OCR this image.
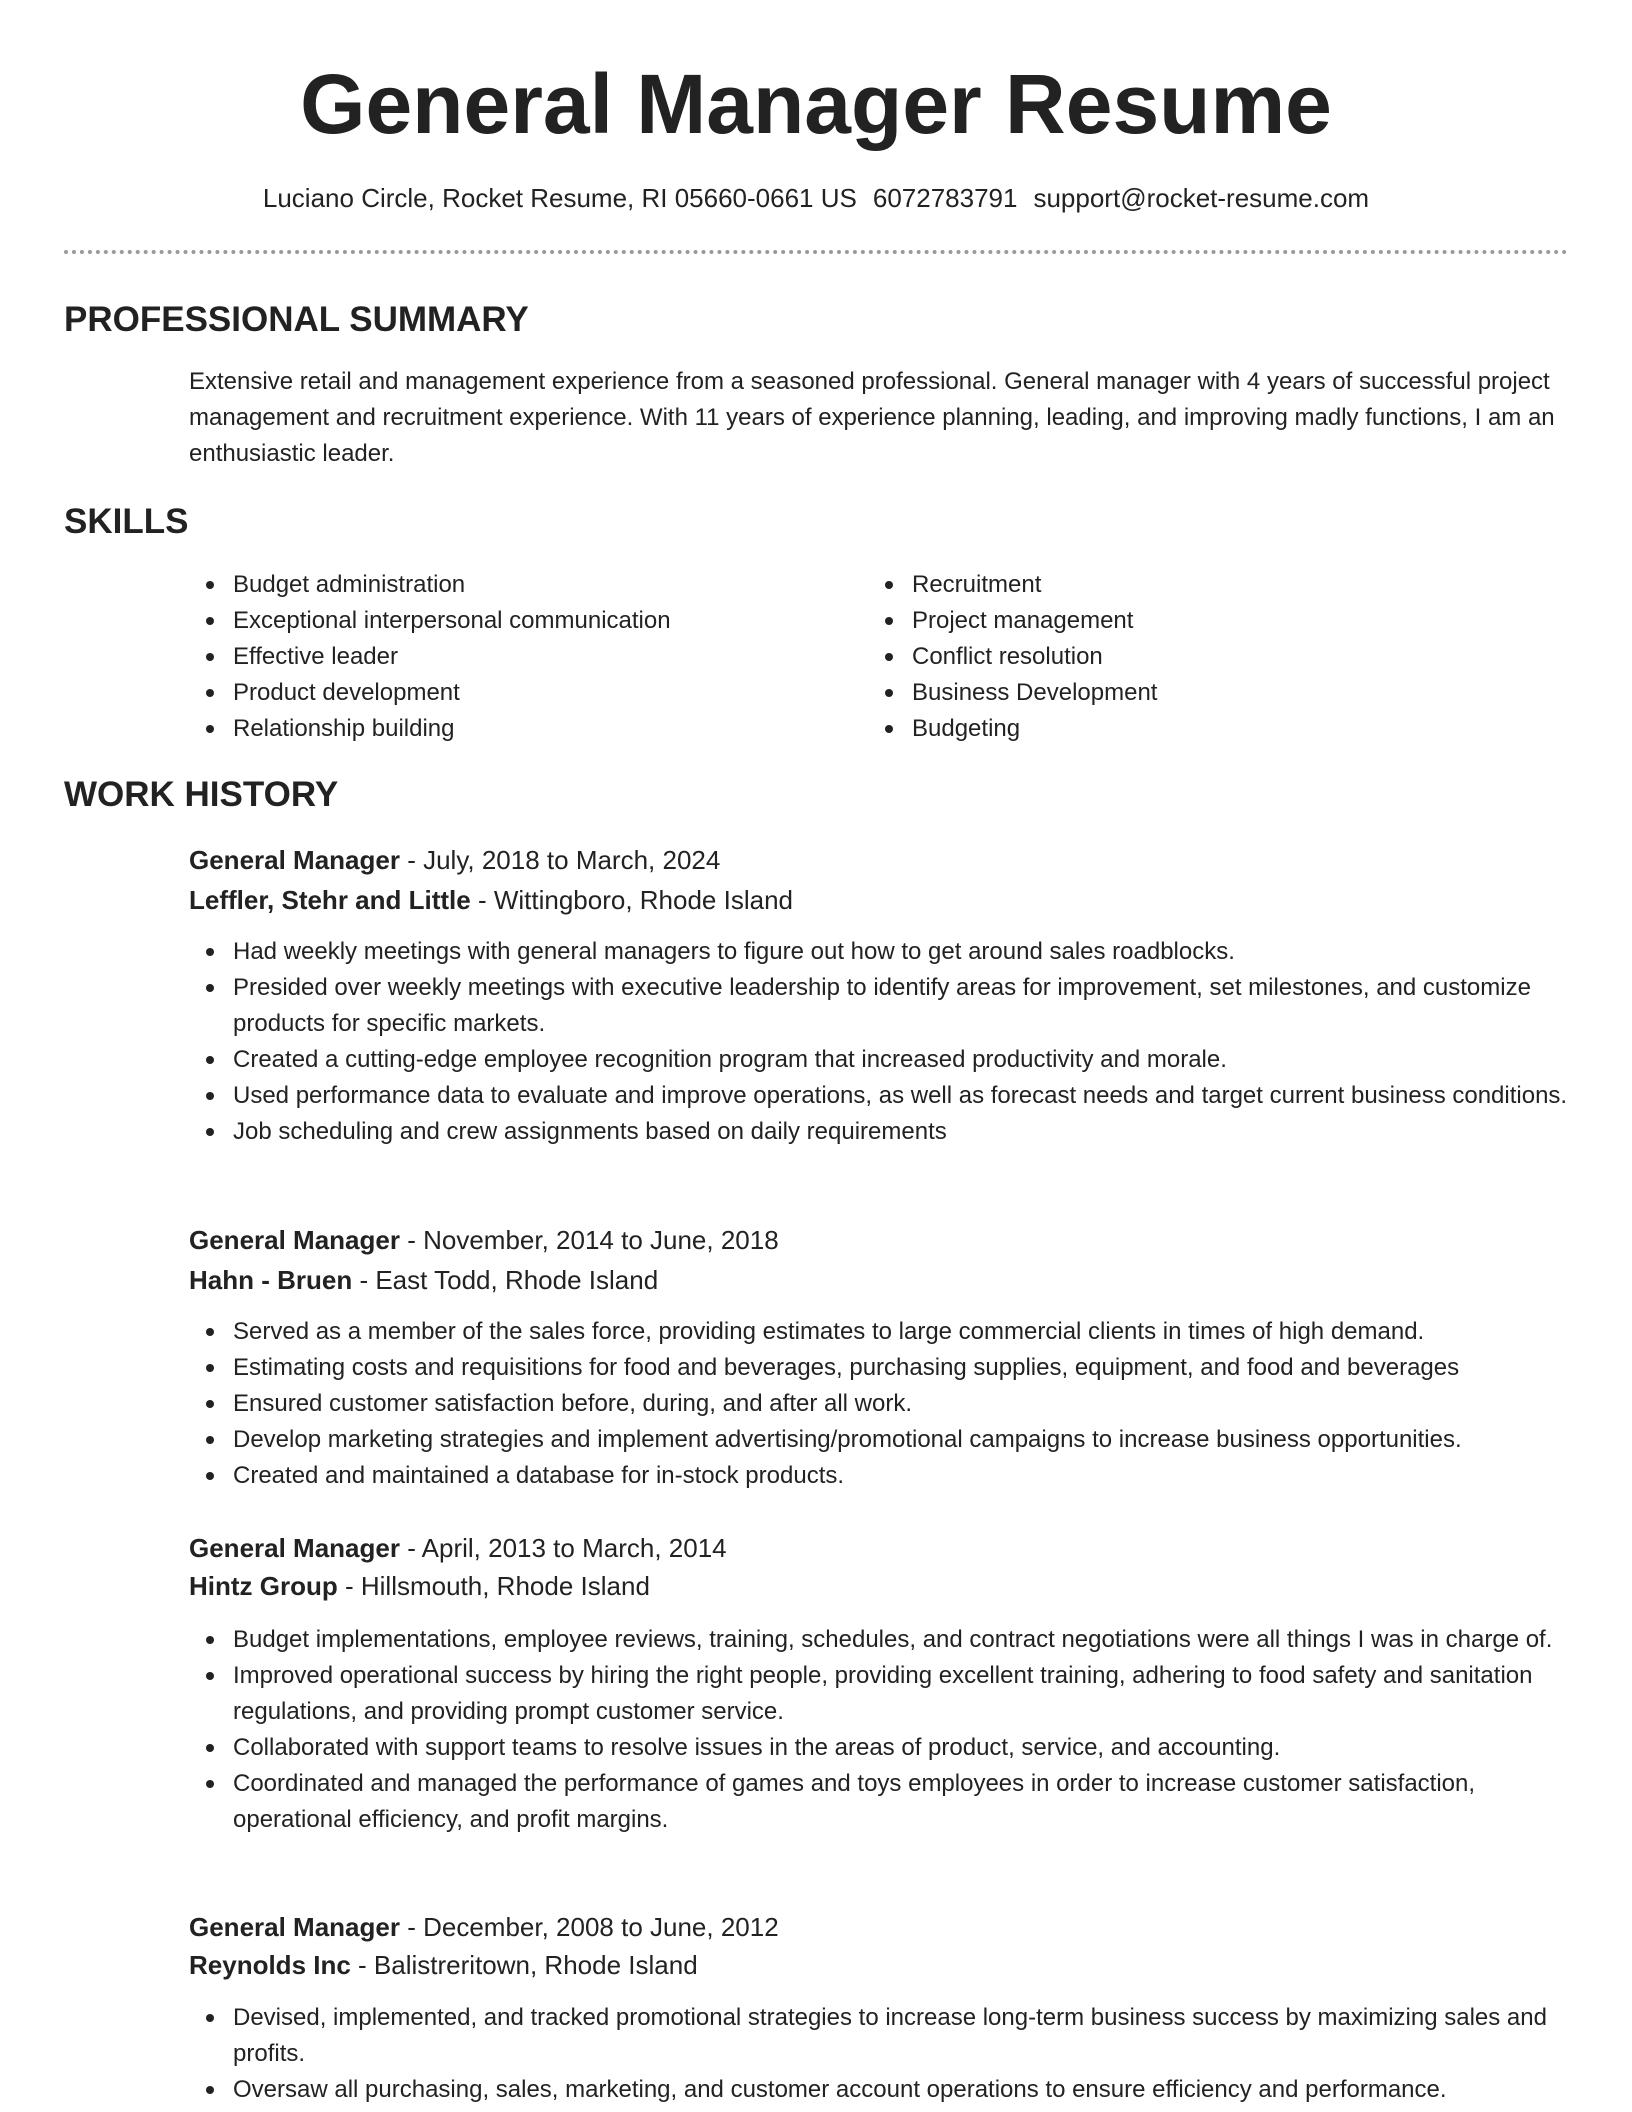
General Manager Resume
Luciano Circle, Rocket Resume, RI 05660-0661 US 6072783791 support@rocket-resume.com
PROFESSIONAL SUMMARY

Extensive retail and management experience from a seasoned professional. General manager with 4 years of successful project management and recruitment experience. With 11 years of experience planning, leading, and improving madly functions, I am an enthusiastic leader.

SKILLS
Budget administration
Exceptional interpersonal communication
Effective leader
Product development
Relationship building
Recruitment
Project management
Conflict resolution
Business Development
Budgeting
WORK HISTORY
General Manager - July, 2018 to March, 2024
Leffler, Stehr and Little - Wittingboro, Rhode Island
Had weekly meetings with general managers to figure out how to get around sales roadblocks.
Presided over weekly meetings with executive leadership to identify areas for improvement, set milestones, and customize products for specific markets.
Created a cutting-edge employee recognition program that increased productivity and morale.
Used performance data to evaluate and improve operations, as well as forecast needs and target current business conditions.
Job scheduling and crew assignments based on daily requirements
General Manager - November, 2014 to June, 2018
Hahn - Bruen - East Todd, Rhode Island
Served as a member of the sales force, providing estimates to large commercial clients in times of high demand.
Estimating costs and requisitions for food and beverages, purchasing supplies, equipment, and food and beverages
Ensured customer satisfaction before, during, and after all work.
Develop marketing strategies and implement advertising/promotional campaigns to increase business opportunities.
Created and maintained a database for in-stock products.
General Manager - April, 2013 to March, 2014
Hintz Group - Hillsmouth, Rhode Island
Budget implementations, employee reviews, training, schedules, and contract negotiations were all things I was in charge of.
Improved operational success by hiring the right people, providing excellent training, adhering to food safety and sanitation regulations, and providing prompt customer service.
Collaborated with support teams to resolve issues in the areas of product, service, and accounting.
Coordinated and managed the performance of games and toys employees in order to increase customer satisfaction, operational efficiency, and profit margins.
General Manager - December, 2008 to June, 2012
Reynolds Inc - Balistreritown, Rhode Island
Devised, implemented, and tracked promotional strategies to increase long-term business success by maximizing sales and profits.
Oversaw all purchasing, sales, marketing, and customer account operations to ensure efficiency and performance.
